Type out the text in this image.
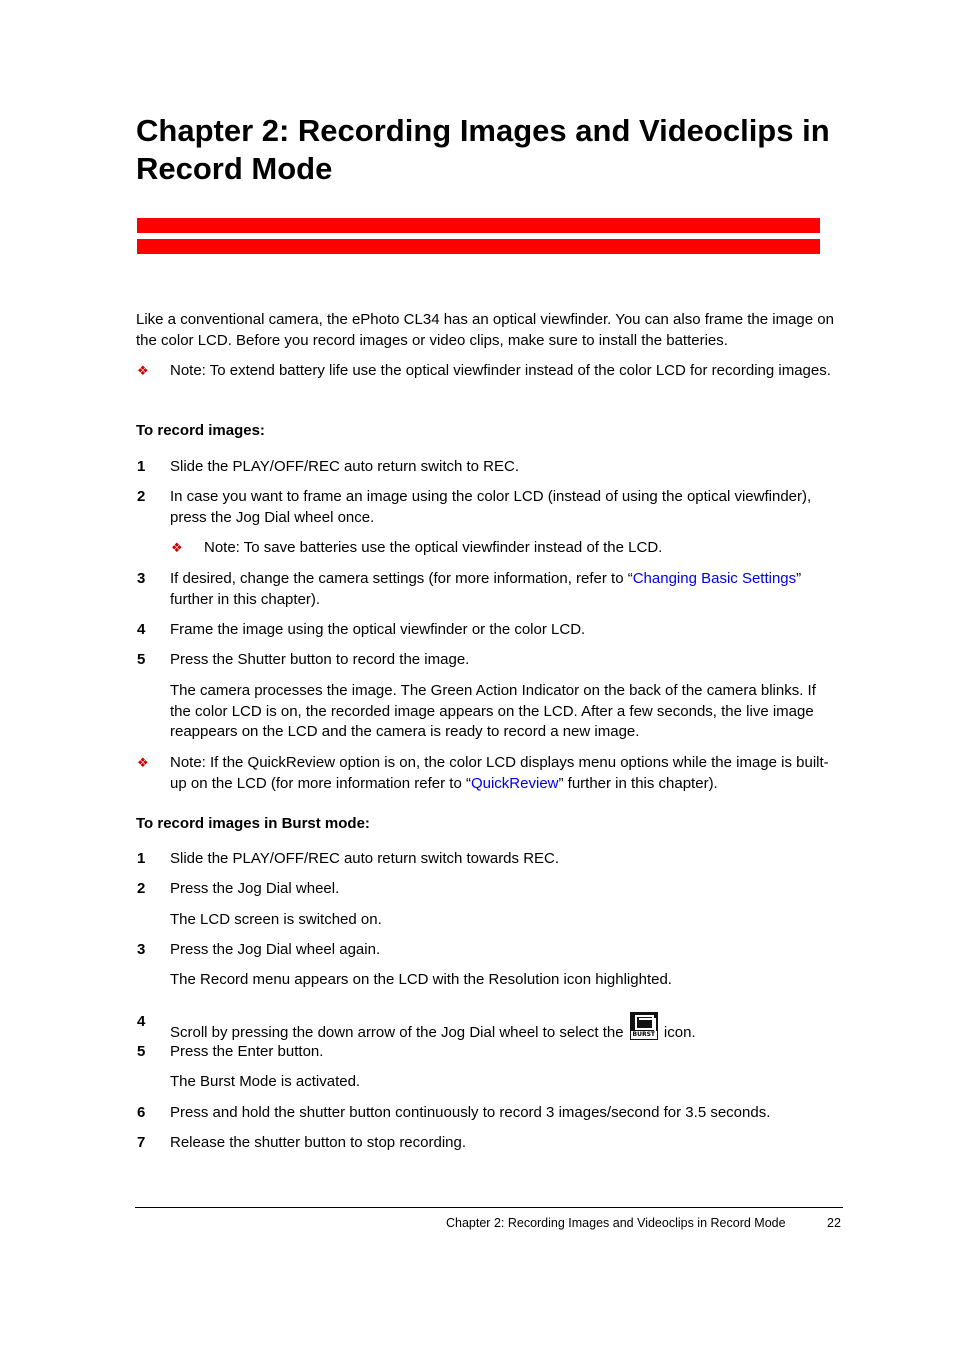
Chapter 2: Recording Images and Videoclips in Record Mode

Like a conventional camera, the ePhoto CL34 has an optical viewfinder. You can also frame the image on the color LCD. Before you record images or video clips, make sure to install the batteries.

❖ Note: To extend battery life use the optical viewfinder instead of the color LCD for recording images.

To record images:

1 Slide the PLAY/OFF/REC auto return switch to REC.

2 In case you want to frame an image using the color LCD (instead of using the optical viewfinder), press the Jog Dial wheel once.

❖ Note: To save batteries use the optical viewfinder instead of the LCD.

3 If desired, change the camera settings (for more information, refer to “Changing Basic Settings” further in this chapter).

4 Frame the image using the optical viewfinder or the color LCD.

5 Press the Shutter button to record the image.

The camera processes the image. The Green Action Indicator on the back of the camera blinks. If the color LCD is on, the recorded image appears on the LCD. After a few seconds, the live image reappears on the LCD and the camera is ready to record a new image.

❖ Note: If the QuickReview option is on, the color LCD displays menu options while the image is built-up on the LCD (for more information refer to “QuickReview” further in this chapter).

To record images in Burst mode:

1 Slide the PLAY/OFF/REC auto return switch towards REC.

2 Press the Jog Dial wheel.

The LCD screen is switched on.

3 Press the Jog Dial wheel again.

The Record menu appears on the LCD with the Resolution icon highlighted.

4

Scroll by pressing the down arrow of the Jog Dial wheel to select the BURST icon.

5 Press the Enter button.

The Burst Mode is activated.

6 Press and hold the shutter button continuously to record 3 images/second for 3.5 seconds.

7 Release the shutter button to stop recording.

Chapter 2: Recording Images and Videoclips in Record Mode	22
